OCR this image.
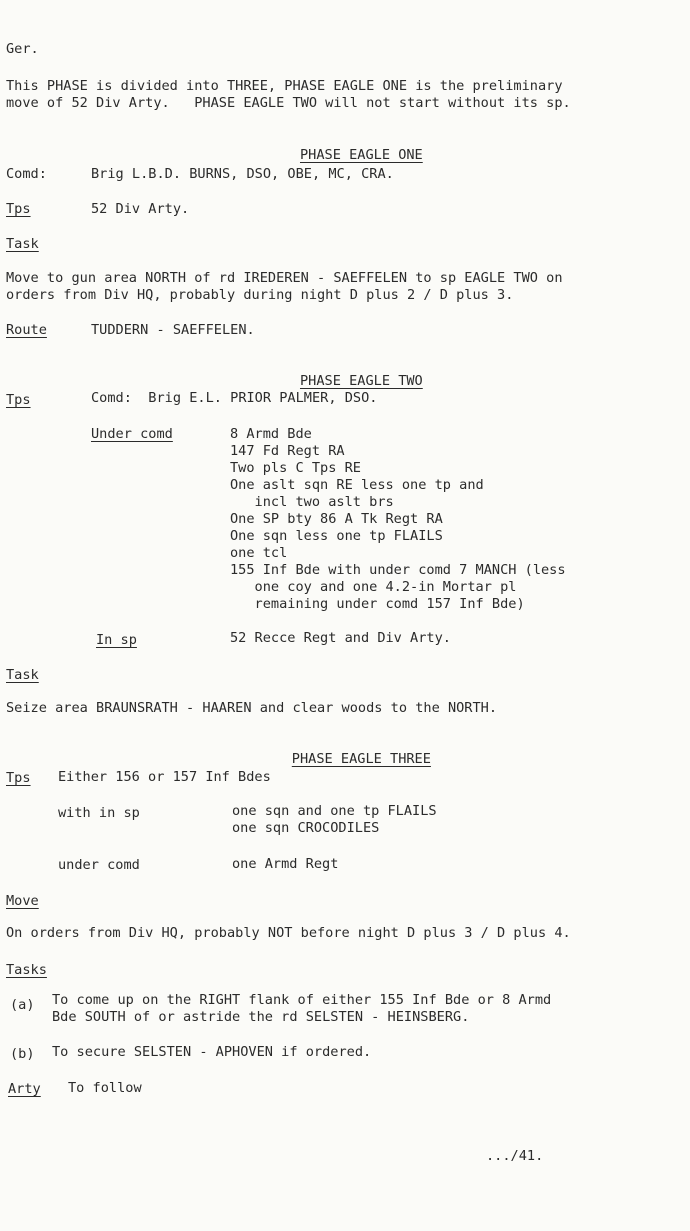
Ger.
This PHASE is divided into THREE, PHASE EAGLE ONE is the preliminary
move of 52 Div Arty.   PHASE EAGLE TWO will not start without its sp.

PHASE EAGLE ONE

Comd:	Brig L.B.D. BURNS, DSO, OBE, MC, CRA.
Tps	52 Div Arty.
Task
Move to gun area NORTH of rd IREDEREN - SAEFFELEN to sp EAGLE TWO on
orders from Div HQ, probably during night D plus 2 / D plus 3.
Route	TUDDERN - SAEFFELEN.

PHASE EAGLE TWO

Tps	Comd:  Brig E.L. PRIOR PALMER, DSO.
Under comd	8 Armd Bde
147 Fd Regt RA
Two pls C Tps RE
One aslt sqn RE less one tp and
incl two aslt brs
One SP bty 86 A Tk Regt RA
One sqn less one tp FLAILS
one tcl
155 Inf Bde with under comd 7 MANCH (less
one coy and one 4.2-in Mortar pl
remaining under comd 157 Inf Bde)
In sp	52 Recce Regt and Div Arty.
Task
Seize area BRAUNSRATH - HAAREN and clear woods to the NORTH.

PHASE EAGLE THREE

Tps Either 156 or 157 Inf Bdes
with in sp	one sqn and one tp FLAILS
one sqn CROCODILES
under comd	one Armd Regt
Move
On orders from Div HQ, probably NOT before night D plus 3 / D plus 4.
Tasks
(a) To come up on the RIGHT flank of either 155 Inf Bde or 8 Armd
Bde SOUTH of or astride the rd SELSTEN - HEINSBERG.
(b) To secure SELSTEN - APHOVEN if ordered.
Arty To follow
.../41.
